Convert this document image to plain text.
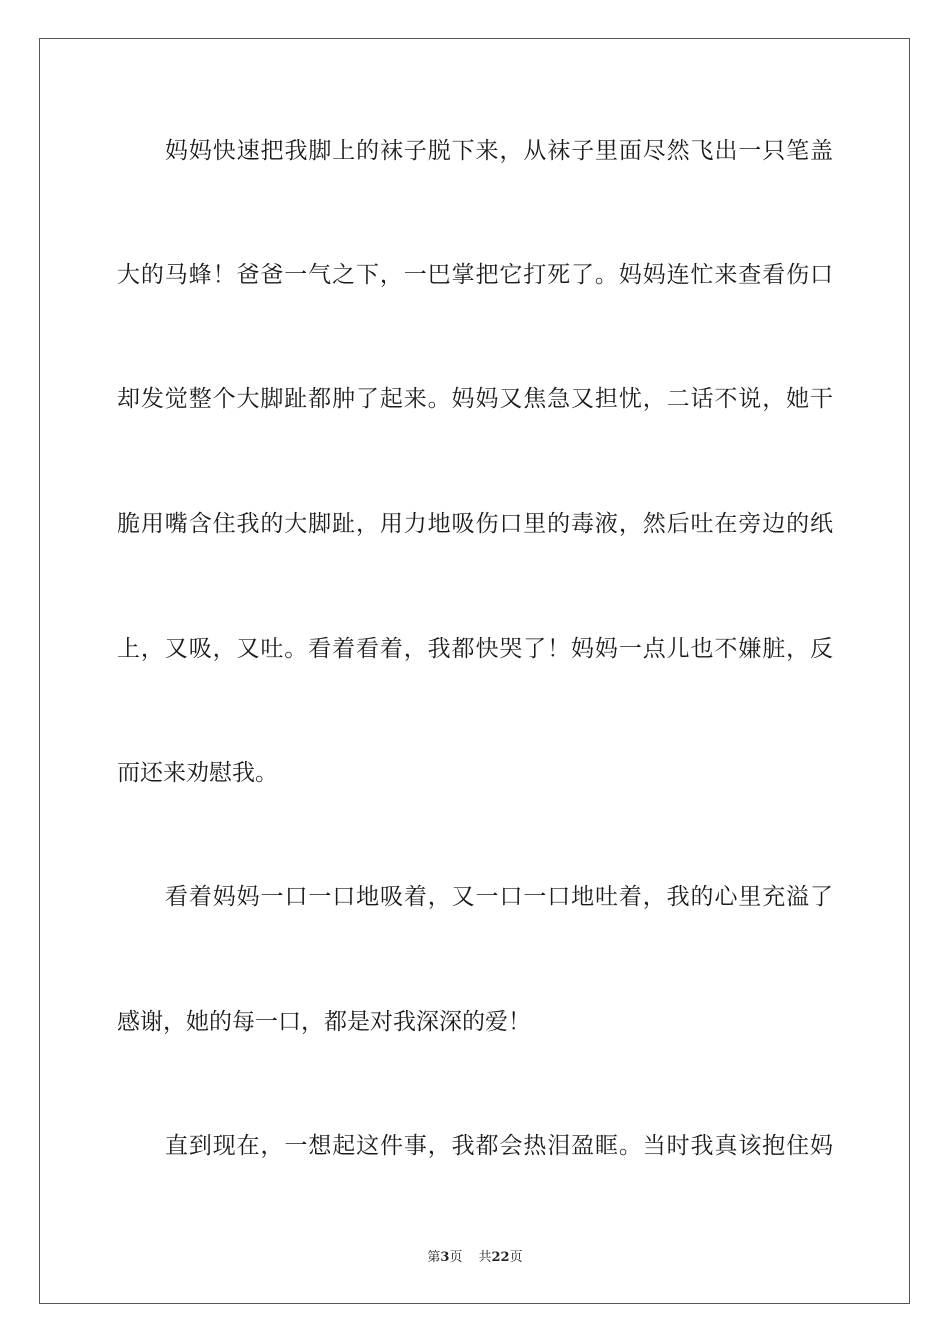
妈妈快速把我脚上的袜子脱下来，从袜子里面尽然飞出一只笔盖
大的马蜂！爸爸一气之下，一巴掌把它打死了。妈妈连忙来查看伤口
却发觉整个大脚趾都肿了起来。妈妈又焦急又担忧，二话不说，她干
脆用嘴含住我的大脚趾，用力地吸伤口里的毒液，然后吐在旁边的纸
上，又吸，又吐。看着看着，我都快哭了！妈妈一点儿也不嫌脏，反
而还来劝慰我。
看着妈妈一口一口地吸着，又一口一口地吐着，我的心里充溢了
感谢，她的每一口，都是对我深深的爱！
直到现在，一想起这件事，我都会热泪盈眶。当时我真该抱住妈
第3页 共22页
